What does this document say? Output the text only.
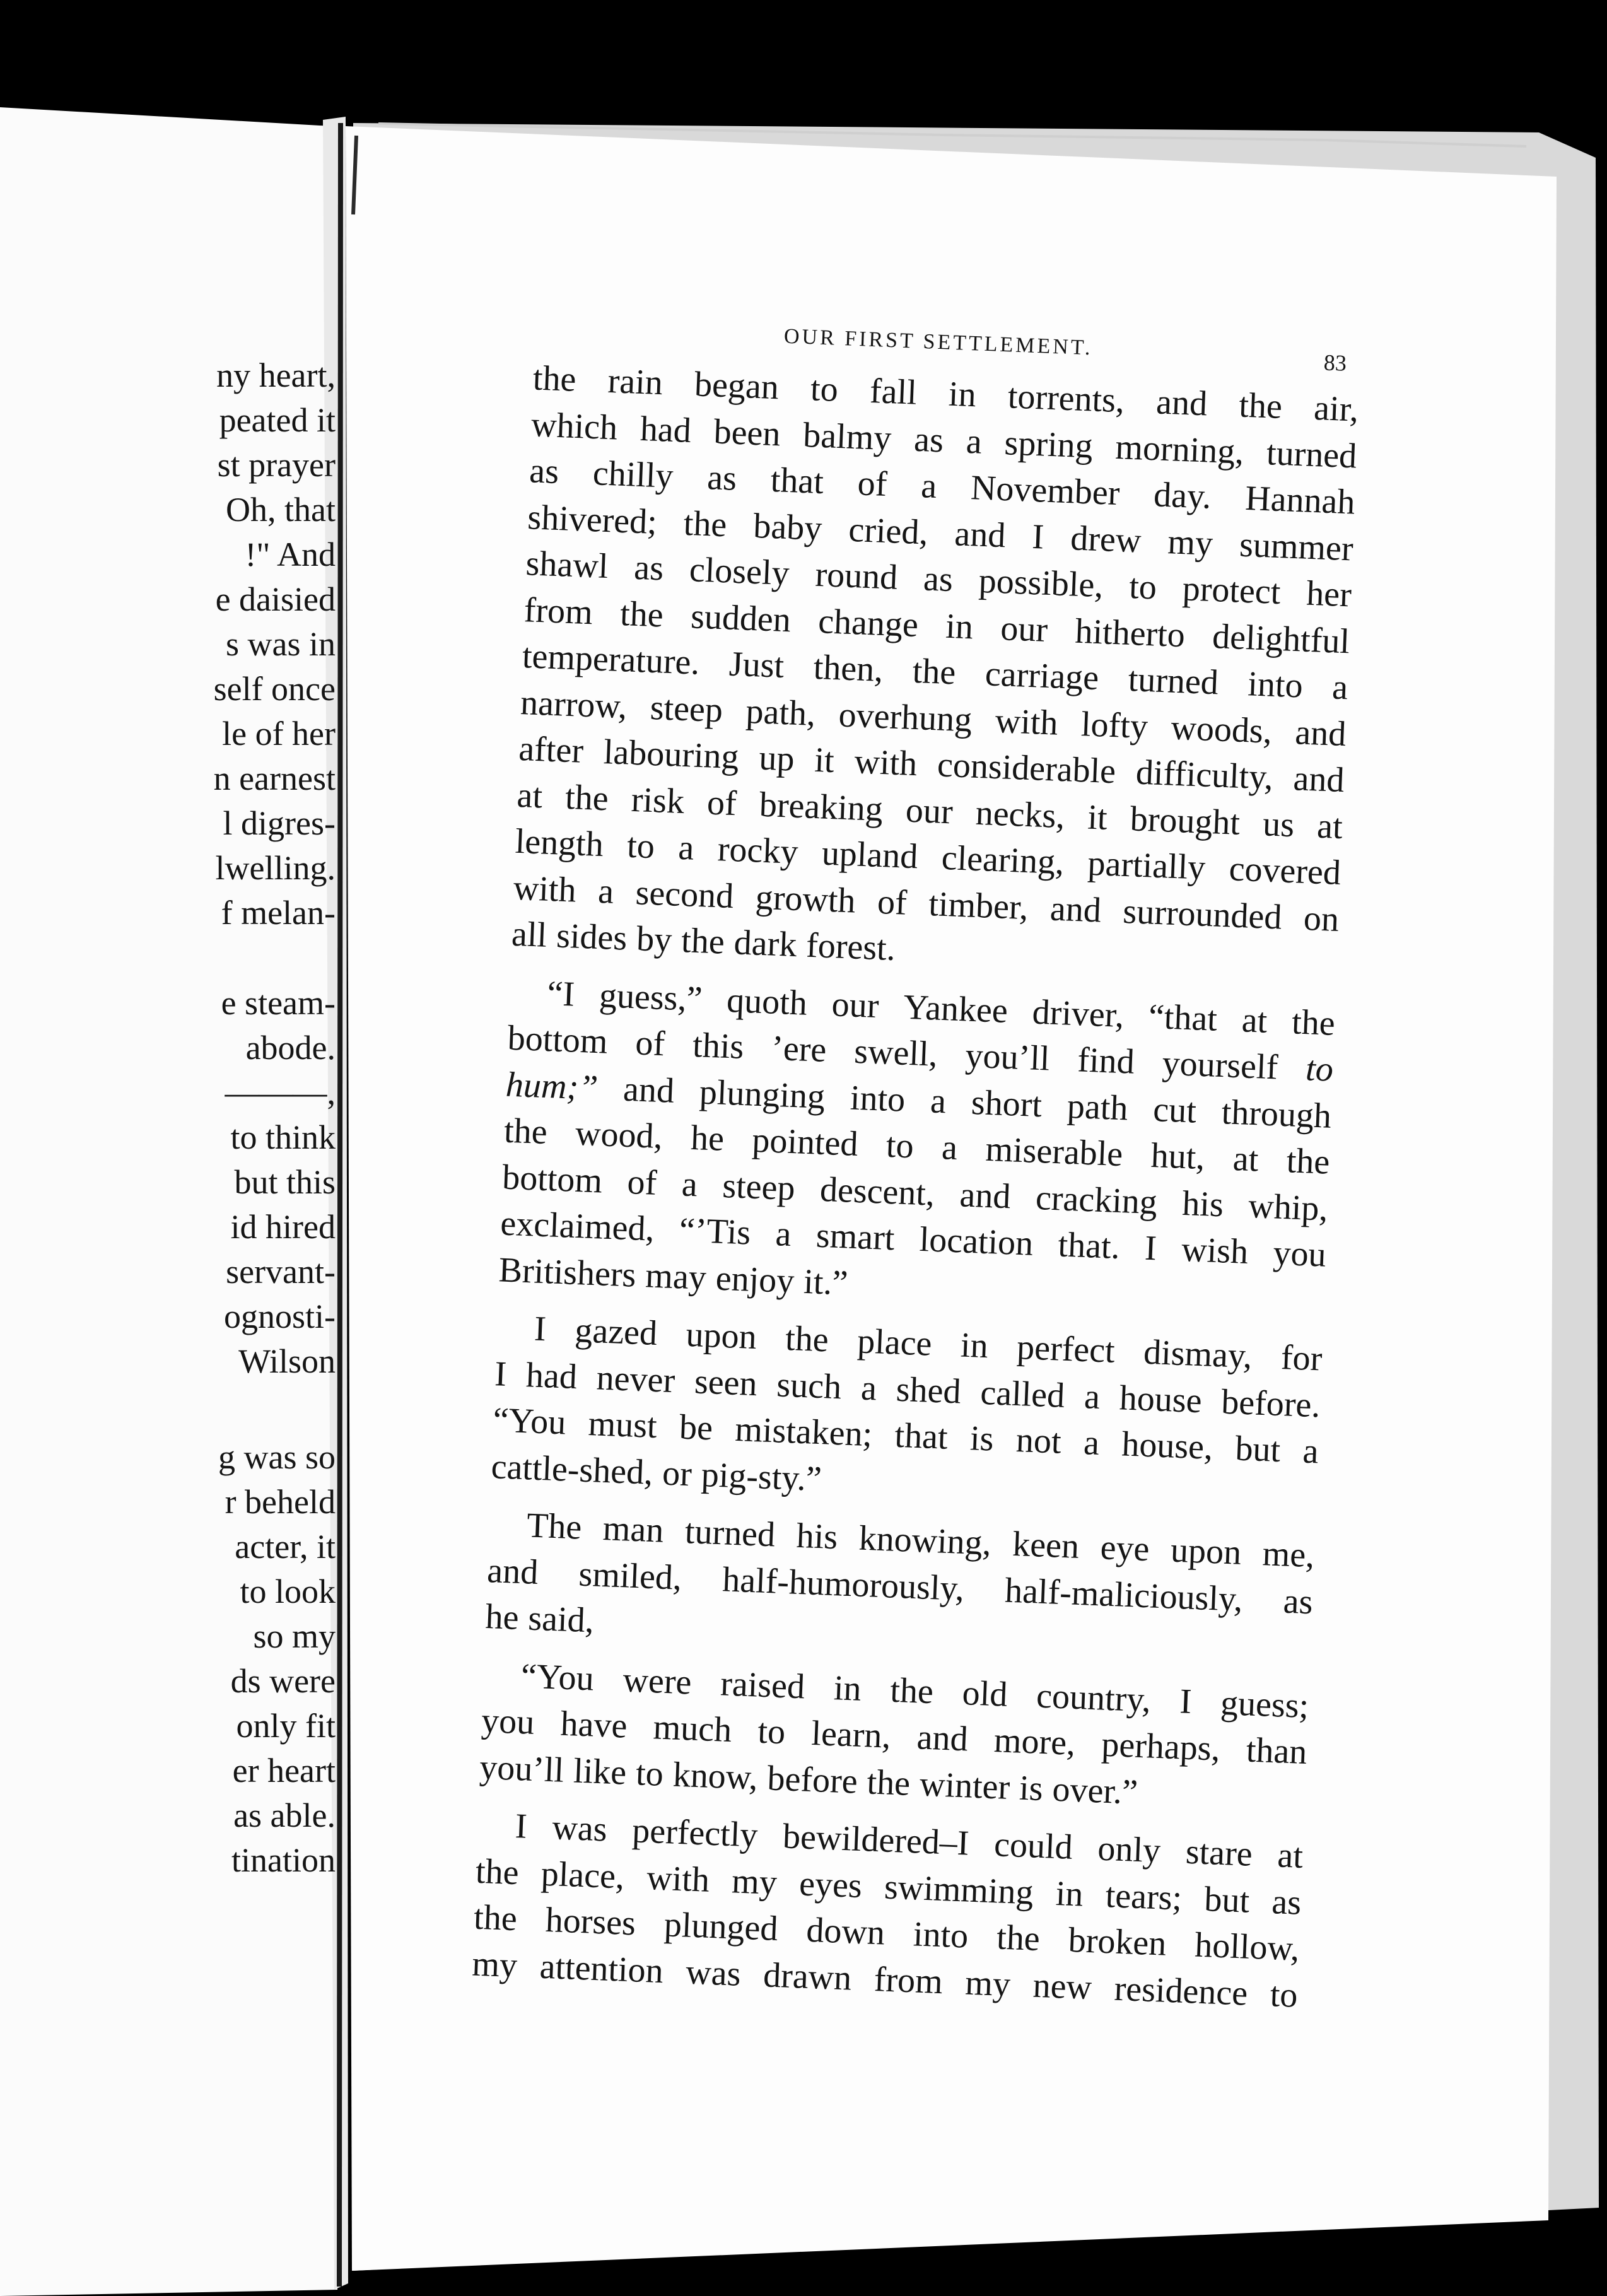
ny heart,
peated it
st prayer
Oh, that
!" And
e daisied
s was in
self once
le of her
n earnest
l digres-
lwelling.
f melan-
e steam-
abode.
———,
to think
but this
id hired
servant-
ognosti-
Wilson
g was so
r beheld
acter, it
to look
so my
ds were
only fit
er heart
as able.
tination
OUR FIRST SETTLEMENT.
83
the rain began to fall in torrents, and the air,
which had been balmy as a spring morning, turned
as chilly as that of a November day. Hannah
shivered; the baby cried, and I drew my summer
shawl as closely round as possible, to protect her
from the sudden change in our hitherto delightful
temperature. Just then, the carriage turned into a
narrow, steep path, overhung with lofty woods, and
after labouring up it with considerable difficulty, and
at the risk of breaking our necks, it brought us at
length to a rocky upland clearing, partially covered
with a second growth of timber, and surrounded on
all sides by the dark forest.
“I guess,” quoth our Yankee driver, “that at the
bottom of this ’ere swell, you’ll find yourself to
hum;” and plunging into a short path cut through
the wood, he pointed to a miserable hut, at the
bottom of a steep descent, and cracking his whip,
exclaimed, “’Tis a smart location that. I wish you
Britishers may enjoy it.”
I gazed upon the place in perfect dismay, for
I had never seen such a shed called a house before.
“You must be mistaken; that is not a house, but a
cattle-shed, or pig-sty.”
The man turned his knowing, keen eye upon me,
and smiled, half-humorously, half-maliciously, as
he said,
“You were raised in the old country, I guess;
you have much to learn, and more, perhaps, than
you’ll like to know, before the winter is over.”
I was perfectly bewildered–I could only stare at
the place, with my eyes swimming in tears; but as
the horses plunged down into the broken hollow,
my attention was drawn from my new residence to
